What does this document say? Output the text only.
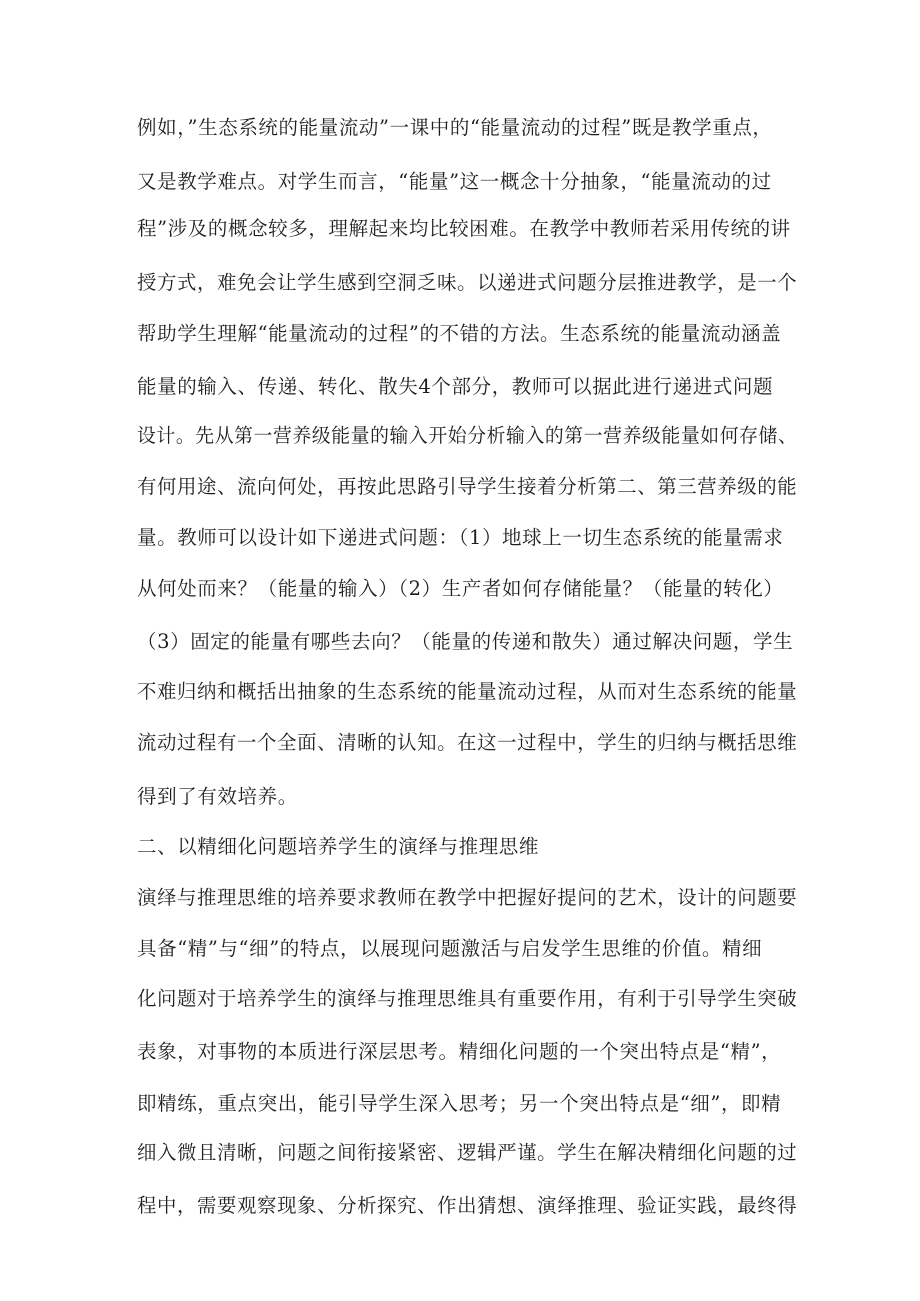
例如，”生态系统的能量流动”一课中的“能量流动的过程”既是教学重点，
又是教学难点。对学生而言，“能量”这一概念十分抽象，“能量流动的过
程”涉及的概念较多，理解起来均比较困难。在教学中教师若采用传统的讲
授方式，难免会让学生感到空洞乏味。以递进式问题分层推进教学，是一个
帮助学生理解“能量流动的过程”的不错的方法。生态系统的能量流动涵盖
能量的输入、传递、转化、散失4个部分，教师可以据此进行递进式问题
设计。先从第一营养级能量的输入开始分析输入的第一营养级能量如何存储、
有何用途、流向何处，再按此思路引导学生接着分析第二、第三营养级的能
量。教师可以设计如下递进式问题：（1）地球上一切生态系统的能量需求
从何处而来？（能量的输入）（2）生产者如何存储能量？（能量的转化）
（3）固定的能量有哪些去向？（能量的传递和散失）通过解决问题，学生
不难归纳和概括出抽象的生态系统的能量流动过程，从而对生态系统的能量
流动过程有一个全面、清晰的认知。在这一过程中，学生的归纳与概括思维
得到了有效培养。
二、以精细化问题培养学生的演绎与推理思维
演绎与推理思维的培养要求教师在教学中把握好提问的艺术，设计的问题要
具备“精”与“细”的特点，以展现问题激活与启发学生思维的价值。精细
化问题对于培养学生的演绎与推理思维具有重要作用，有利于引导学生突破
表象，对事物的本质进行深层思考。精细化问题的一个突出特点是“精”，
即精练，重点突出，能引导学生深入思考；另一个突出特点是“细”，即精
细入微且清晰，问题之间衔接紧密、逻辑严谨。学生在解决精细化问题的过
程中，需要观察现象、分析探究、作出猜想、演绎推理、验证实践，最终得
